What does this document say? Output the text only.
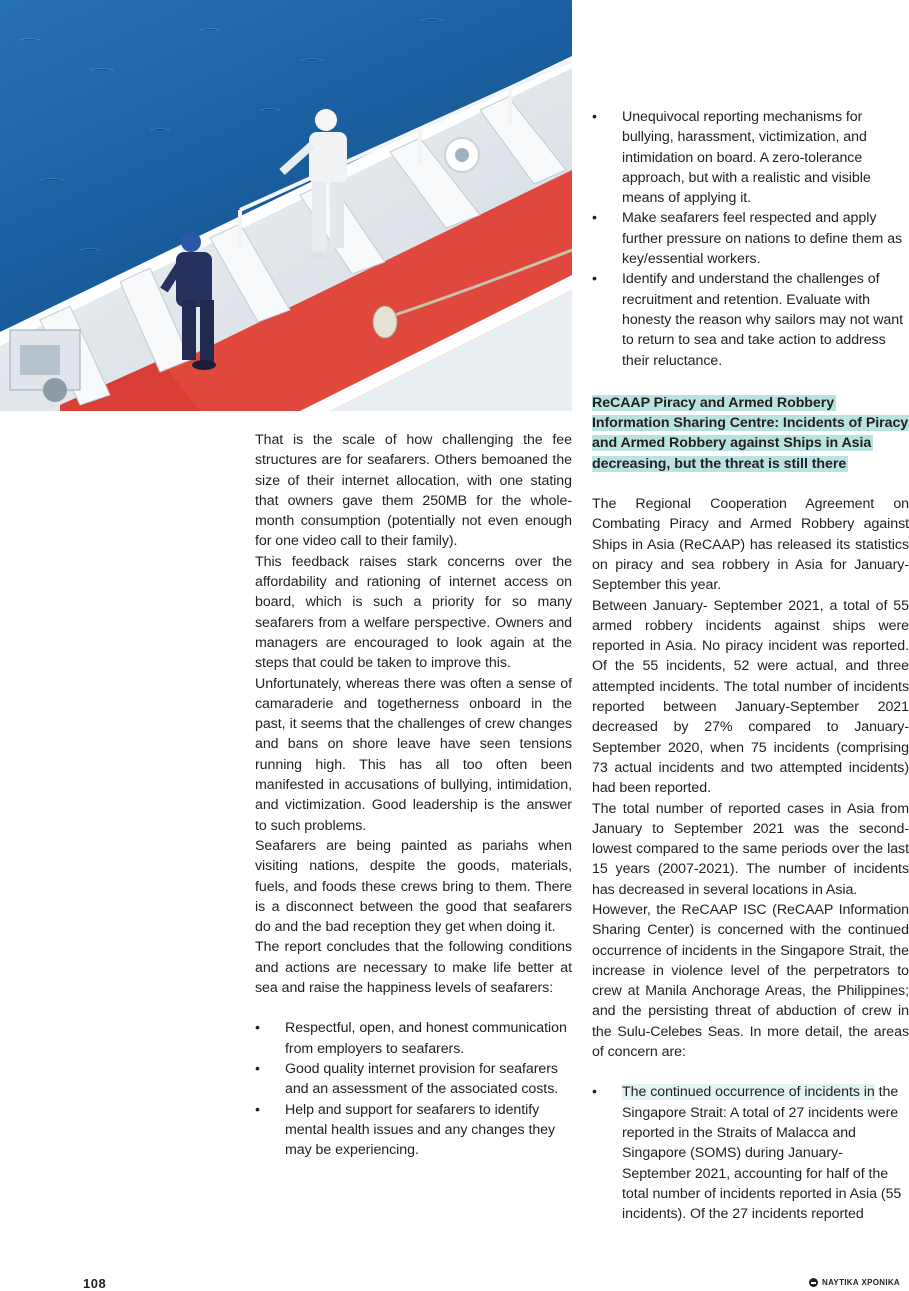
That is the scale of how challenging the fee structures are for seafarers. Others bemoaned the size of their internet allocation, with one stating that owners gave them 250MB for the whole-month consumption (potentially not even enough for one video call to their family).

This feedback raises stark concerns over the affordability and rationing of internet access on board, which is such a priority for so many seafarers from a welfare perspective. Owners and managers are encouraged to look again at the steps that could be taken to improve this.

Unfortunately, whereas there was often a sense of camaraderie and togetherness onboard in the past, it seems that the challenges of crew changes and bans on shore leave have seen tensions running high. This has all too often been manifested in accusations of bullying, intimidation, and victimization. Good leadership is the answer to such problems.

Seafarers are being painted as pariahs when visiting nations, despite the goods, materials, fuels, and foods these crews bring to them. There is a disconnect between the good that seafarers do and the bad reception they get when doing it.

The report concludes that the following conditions and actions are necessary to make life better at sea and raise the happiness levels of seafarers:

•	Respectful, open, and honest communication from employers to seafarers.
•	Good quality internet provision for seafarers and an assessment of the associated costs.
•	Help and support for seafarers to identify mental health issues and any changes they may be experiencing.
•	Unequivocal reporting mechanisms for bullying, harassment, victimization, and intimidation on board. A zero-tolerance approach, but with a realistic and visible means of applying it.
•	Make seafarers feel respected and apply further pressure on nations to define them as key/essential workers.
•	Identify and understand the challenges of recruitment and retention. Evaluate with honesty the reason why sailors may not want to return to sea and take action to address their reluctance.
ReCAAP Piracy and Armed Robbery Information Sharing Centre: Incidents of Piracy and Armed Robbery against Ships in Asia decreasing, but the threat is still there

The Regional Cooperation Agreement on Combating Piracy and Armed Robbery against Ships in Asia (ReCAAP) has released its statistics on piracy and sea robbery in Asia for January-September this year.

Between January- September 2021, a total of 55 armed robbery incidents against ships were reported in Asia. No piracy incident was reported. Of the 55 incidents, 52 were actual, and three attempted incidents. The total number of incidents reported between January-September 2021 decreased by 27% compared to January-September 2020, when 75 incidents (comprising 73 actual incidents and two attempted incidents) had been reported.

The total number of reported cases in Asia from January to September 2021 was the second-lowest compared to the same periods over the last 15 years (2007-2021). The number of incidents has decreased in several locations in Asia.

However, the ReCAAP ISC (ReCAAP Information Sharing Center) is concerned with the continued occurrence of incidents in the Singapore Strait, the increase in violence level of the perpetrators to crew at Manila Anchorage Areas, the Philippines; and the persisting threat of abduction of crew in the Sulu-Celebes Seas. In more detail, the areas of concern are:

•	The continued occurrence of incidents in the Singapore Strait: A total of 27 incidents were reported in the Straits of Malacca and Singapore (SOMS) during January-September 2021, accounting for half of the total number of incidents reported in Asia (55 incidents). Of the 27 incidents reported
108	ΝΑΥΤΙΚΑ ΧΡΟΝΙΚΑ
